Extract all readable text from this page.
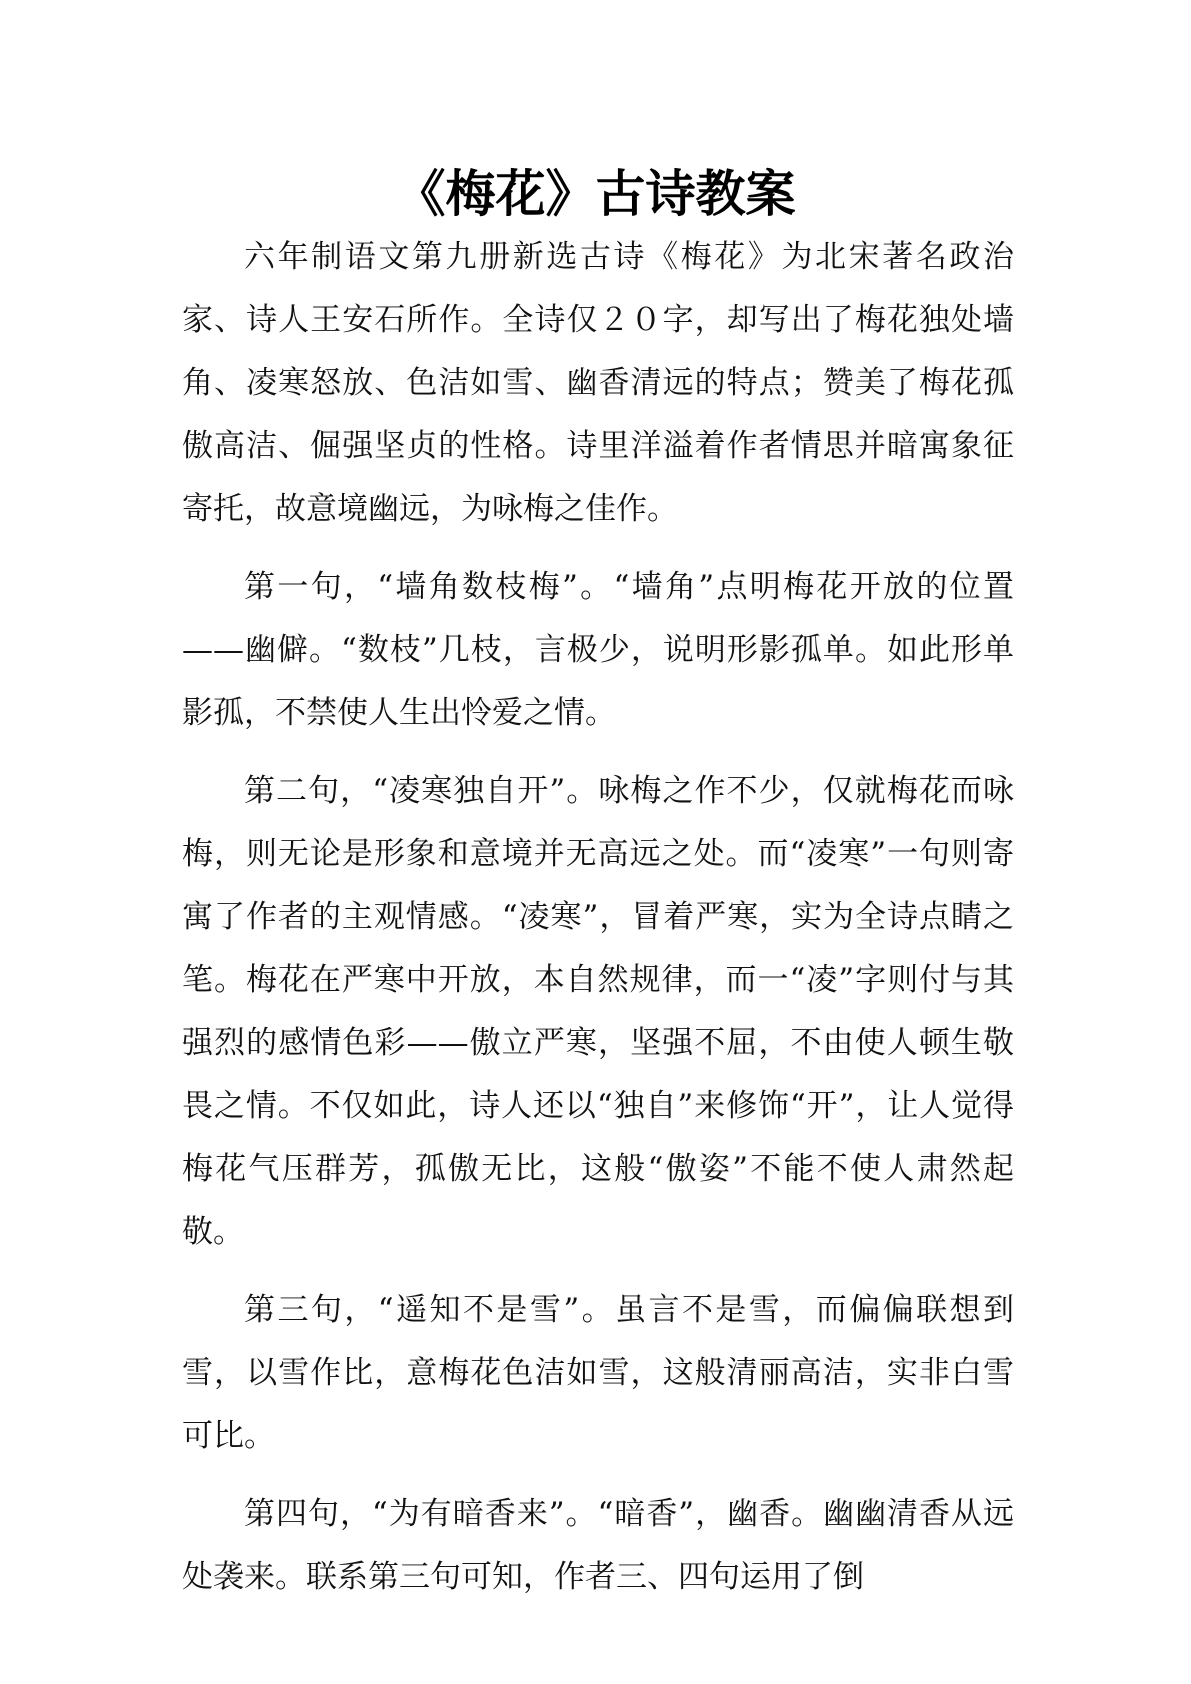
《梅花》古诗教案

六年制语文第九册新选古诗《梅花》为北宋著名政治家、诗人王安石所作。全诗仅２０字，却写出了梅花独处墙角、凌寒怒放、色洁如雪、幽香清远的特点；赞美了梅花孤傲高洁、倔强坚贞的性格。诗里洋溢着作者情思并暗寓象征寄托，故意境幽远，为咏梅之佳作。

第一句，“墙角数枝梅”。“墙角”点明梅花开放的位置——幽僻。“数枝”几枝，言极少，说明形影孤单。如此形单影孤，不禁使人生出怜爱之情。

第二句，“凌寒独自开”。咏梅之作不少，仅就梅花而咏梅，则无论是形象和意境并无高远之处。而“凌寒”一句则寄寓了作者的主观情感。“凌寒”，冒着严寒，实为全诗点睛之笔。梅花在严寒中开放，本自然规律，而一“凌”字则付与其强烈的感情色彩——傲立严寒，坚强不屈，不由使人顿生敬畏之情。不仅如此，诗人还以“独自”来修饰“开”，让人觉得梅花气压群芳，孤傲无比，这般“傲姿”不能不使人肃然起敬。

第三句，“遥知不是雪”。虽言不是雪，而偏偏联想到雪，以雪作比，意梅花色洁如雪，这般清丽高洁，实非白雪可比。

第四句，“为有暗香来”。“暗香”，幽香。幽幽清香从远处袭来。联系第三句可知，作者三、四句运用了倒
